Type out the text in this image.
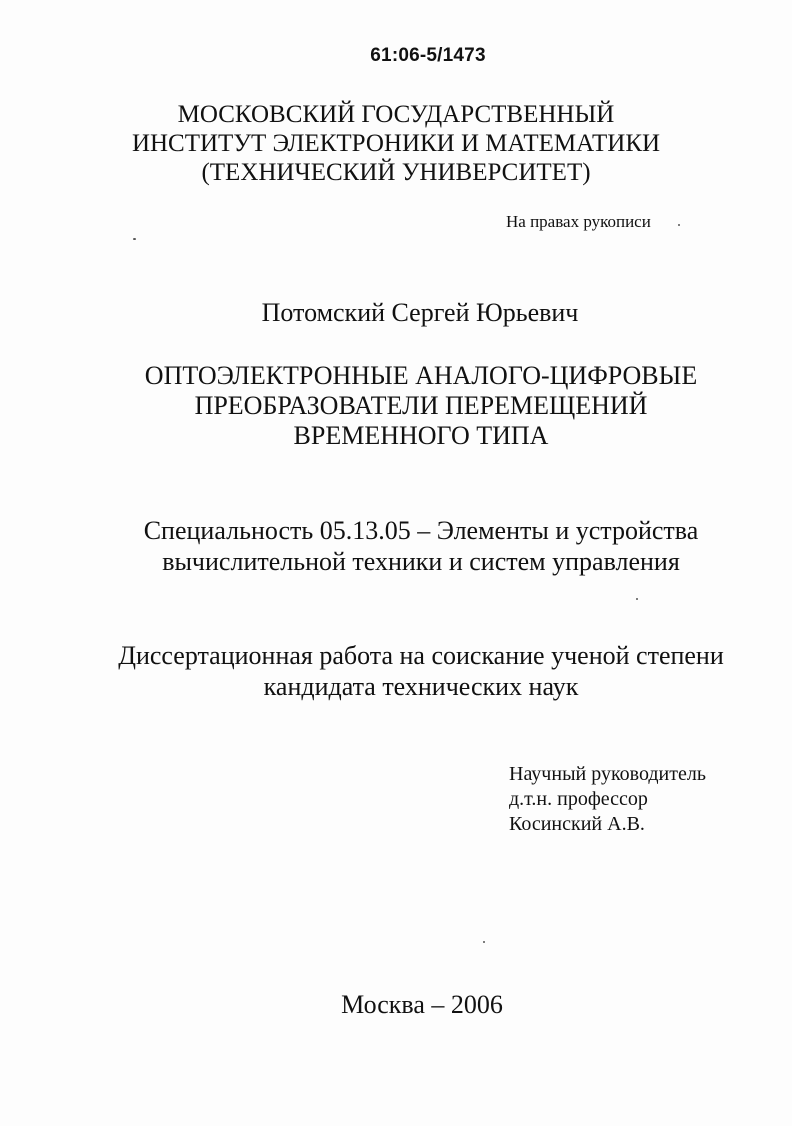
61:06-5/1473
МОСКОВСКИЙ ГОСУДАРСТВЕННЫЙ
ИНСТИТУТ ЭЛЕКТРОНИКИ И МАТЕМАТИКИ
(ТЕХНИЧЕСКИЙ УНИВЕРСИТЕТ)
На правах рукописи
Потомский Сергей Юрьевич
ОПТОЭЛЕКТРОННЫЕ АНАЛОГО-ЦИФРОВЫЕ
ПРЕОБРАЗОВАТЕЛИ ПЕРЕМЕЩЕНИЙ
ВРЕМЕННОГО ТИПА
Специальность 05.13.05 – Элементы и устройства
вычислительной техники и систем управления
Диссертационная работа на соискание ученой степени
кандидата технических наук
Научный руководитель
д.т.н. профессор
Косинский А.В.
Москва – 2006
